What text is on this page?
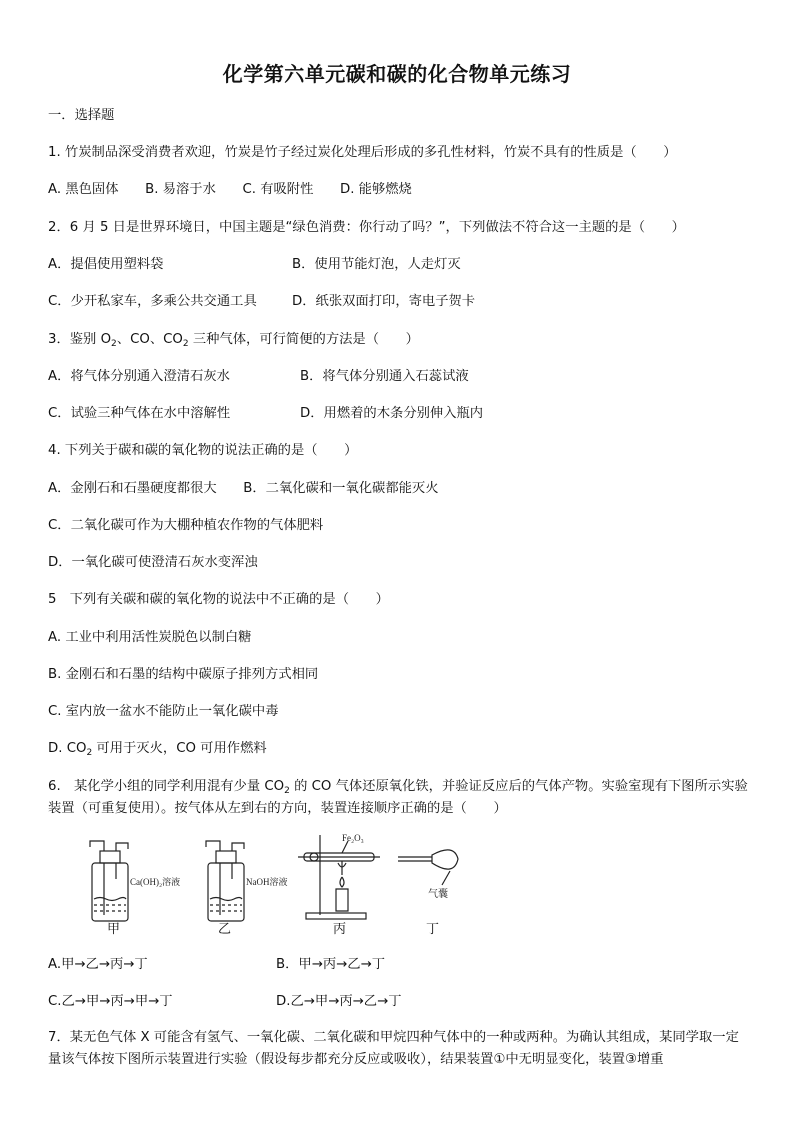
化学第六单元碳和碳的化合物单元练习
一．选择题
1. 竹炭制品深受消费者欢迎，竹炭是竹子经过炭化处理后形成的多孔性材料，竹炭不具有的性质是（　　）
A. 黑色固体　　B. 易溶于水　　C. 有吸附性　　D. 能够燃烧
2．6 月 5 日是世界环境日，中国主题是“绿色消费：你行动了吗？”，下列做法不符合这一主题的是（　　）
A．提倡使用塑料袋	B．使用节能灯泡，人走灯灭
C．少开私家车，多乘公共交通工具	D．纸张双面打印，寄电子贺卡
3．鉴别 $O_2$、CO、$CO_2$ 三种气体，可行简便的方法是（　　）
A．将气体分别通入澄清石灰水	B．将气体分别通入石蕊试液
C．试验三种气体在水中溶解性	D．用燃着的木条分别伸入瓶内
4. 下列关于碳和碳的氧化物的说法正确的是（　　）
A．金刚石和石墨硬度都很大　　B．二氧化碳和一氧化碳都能灭火
C．二氧化碳可作为大棚种植农作物的气体肥料
D．一氧化碳可使澄清石灰水变浑浊
5　下列有关碳和碳的氧化物的说法中不正确的是（　　）
A. 工业中利用活性炭脱色以制白糖
B. 金刚石和石墨的结构中碳原子排列方式相同
C. 室内放一盆水不能防止一氧化碳中毒
D. $CO_2$ 可用于灭火，CO 可用作燃料
6.　某化学小组的同学利用混有少量 $CO_2$ 的 CO 气体还原氧化铁，并验证反应后的气体产物。实验室现有下图所示实验装置（可重复使用）。按气体从左到右的方向，装置连接顺序正确的是（　　）
Ca(OH)₂溶液	NaOH溶液
Fe₂O₃
气囊
甲	乙	丙	丁
A.甲→乙→丙→丁	B．甲→丙→乙→丁
C.乙→甲→丙→甲→丁	D.乙→甲→丙→乙→丁
7．某无色气体 X 可能含有氢气、一氧化碳、二氧化碳和甲烷四种气体中的一种或两种。为确认其组成，某同学取一定量该气体按下图所示装置进行实验（假设每步都充分反应或吸收），结果装置①中无明显变化，装置③增重
